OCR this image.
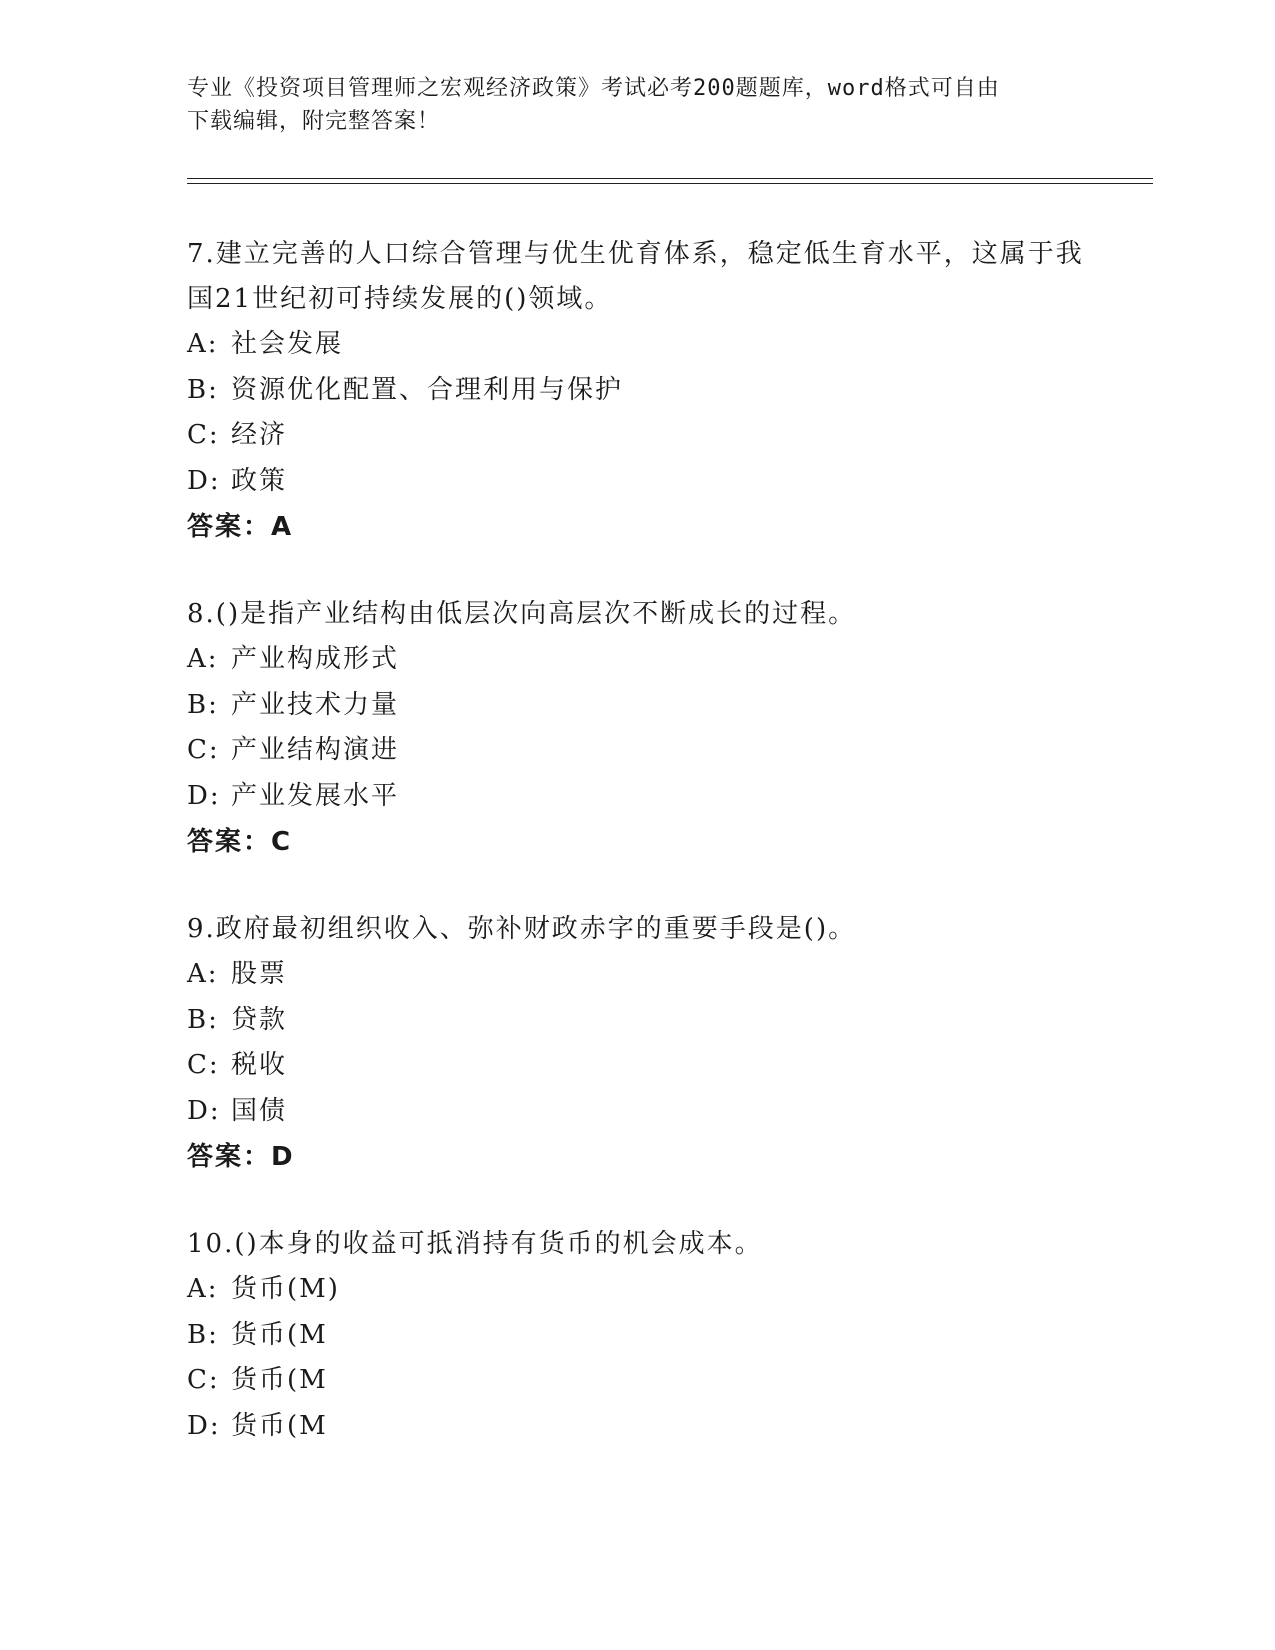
专业《投资项目管理师之宏观经济政策》考试必考200题题库，word格式可自由
下载编辑，附完整答案！

7.建立完善的人口综合管理与优生优育体系，稳定低生育水平，这属于我国21世纪初可持续发展的()领域。

A: 社会发展
B: 资源优化配置、合理利用与保护
C: 经济
D: 政策
答案：A

8.()是指产业结构由低层次向高层次不断成长的过程。

A: 产业构成形式
B: 产业技术力量
C: 产业结构演进
D: 产业发展水平
答案：C

9.政府最初组织收入、弥补财政赤字的重要手段是()。

A: 股票
B: 贷款
C: 税收
D: 国债
答案：D

10.()本身的收益可抵消持有货币的机会成本。

A: 货币(M)
B: 货币(M
C: 货币(M
D: 货币(M
